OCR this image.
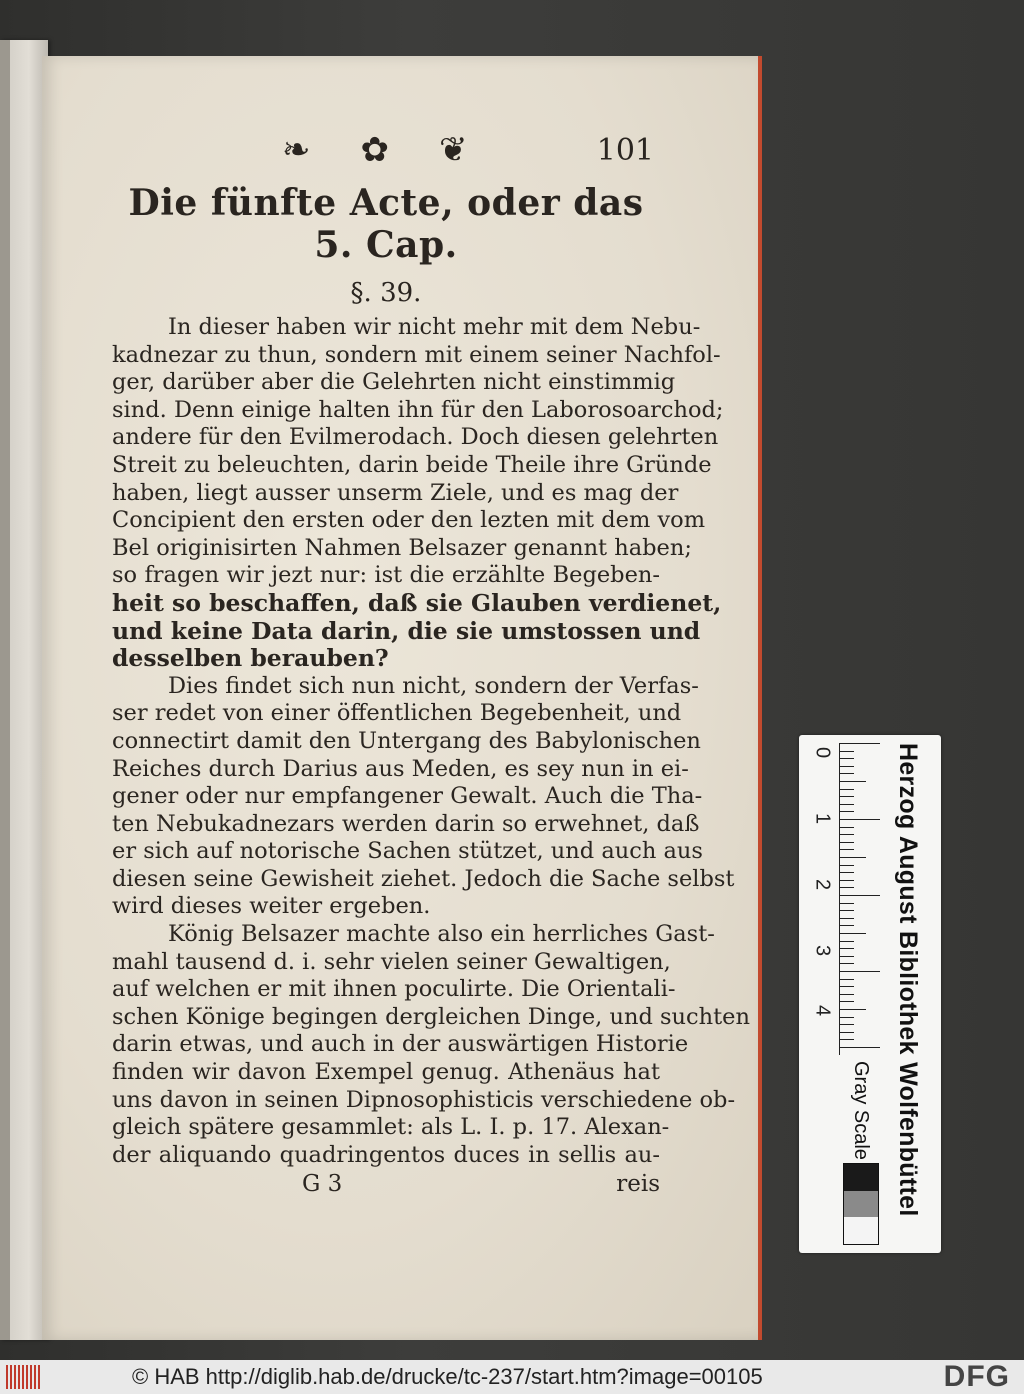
❧ ✿ ❦	101
Die fünfte Acte, oder das 5. Cap.
§. 39.
In dieser haben wir nicht mehr mit dem Nebu-
kadnezar zu thun, sondern mit einem seiner Nachfol-
ger, darüber aber die Gelehrten nicht einstimmig
sind. Denn einige halten ihn für den Laborosoarchod;
andere für den Evilmerodach. Doch diesen gelehrten
Streit zu beleuchten, darin beide Theile ihre Gründe
haben, liegt ausser unserm Ziele, und es mag der
Concipient den ersten oder den lezten mit dem vom
Bel originisirten Nahmen Belsazer genannt haben;
so fragen wir jezt nur: ist die erzählte Begeben-
heit so beschaffen, daß sie Glauben verdienet,
und keine Data darin, die sie umstossen und
desselben berauben?
Dies findet sich nun nicht, sondern der Verfas-
ser redet von einer öffentlichen Begebenheit, und
connectirt damit den Untergang des Babylonischen
Reiches durch Darius aus Meden, es sey nun in ei-
gener oder nur empfangener Gewalt. Auch die Tha-
ten Nebukadnezars werden darin so erwehnet, daß
er sich auf notorische Sachen stützet, und auch aus
diesen seine Gewisheit ziehet. Jedoch die Sache selbst
wird dieses weiter ergeben.
König Belsazer machte also ein herrliches Gast-
mahl tausend d. i. sehr vielen seiner Gewaltigen,
auf welchen er mit ihnen poculirte. Die Orientali-
schen Könige begingen dergleichen Dinge, und suchten
darin etwas, und auch in der auswärtigen Historie
finden wir davon Exempel genug. Athenäus hat
uns davon in seinen Dipnosophisticis verschiedene ob-
gleich spätere gesammlet: als L. I. p. 17. Alexan-
der aliquando quadringentos duces in sellis au-
G 3	reis
0
1
2
3
4 Herzog August Bibliothek Wolfenbüttel
Gray Scale
© HAB http://diglib.hab.de/drucke/tc-237/start.htm?image=00105	DFG
